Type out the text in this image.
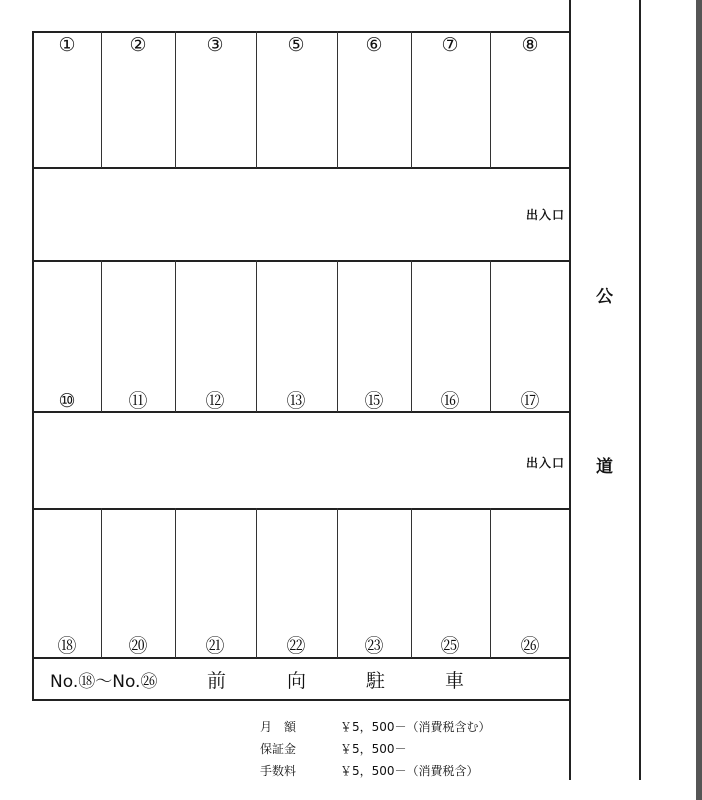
①	②	③	⑤	⑥	⑦	⑧
出入口
⑩	⑪	⑫	⑬	⑮	⑯	⑰
出入口
⑱	⑳	㉑	㉒	㉓	㉕	㉖
No.⑱～No.㉖	前	向	駐	車
公
道
月　額	￥5，500－（消費税含む）
保証金	￥5，500－
手数料	￥5，500－（消費税含）
